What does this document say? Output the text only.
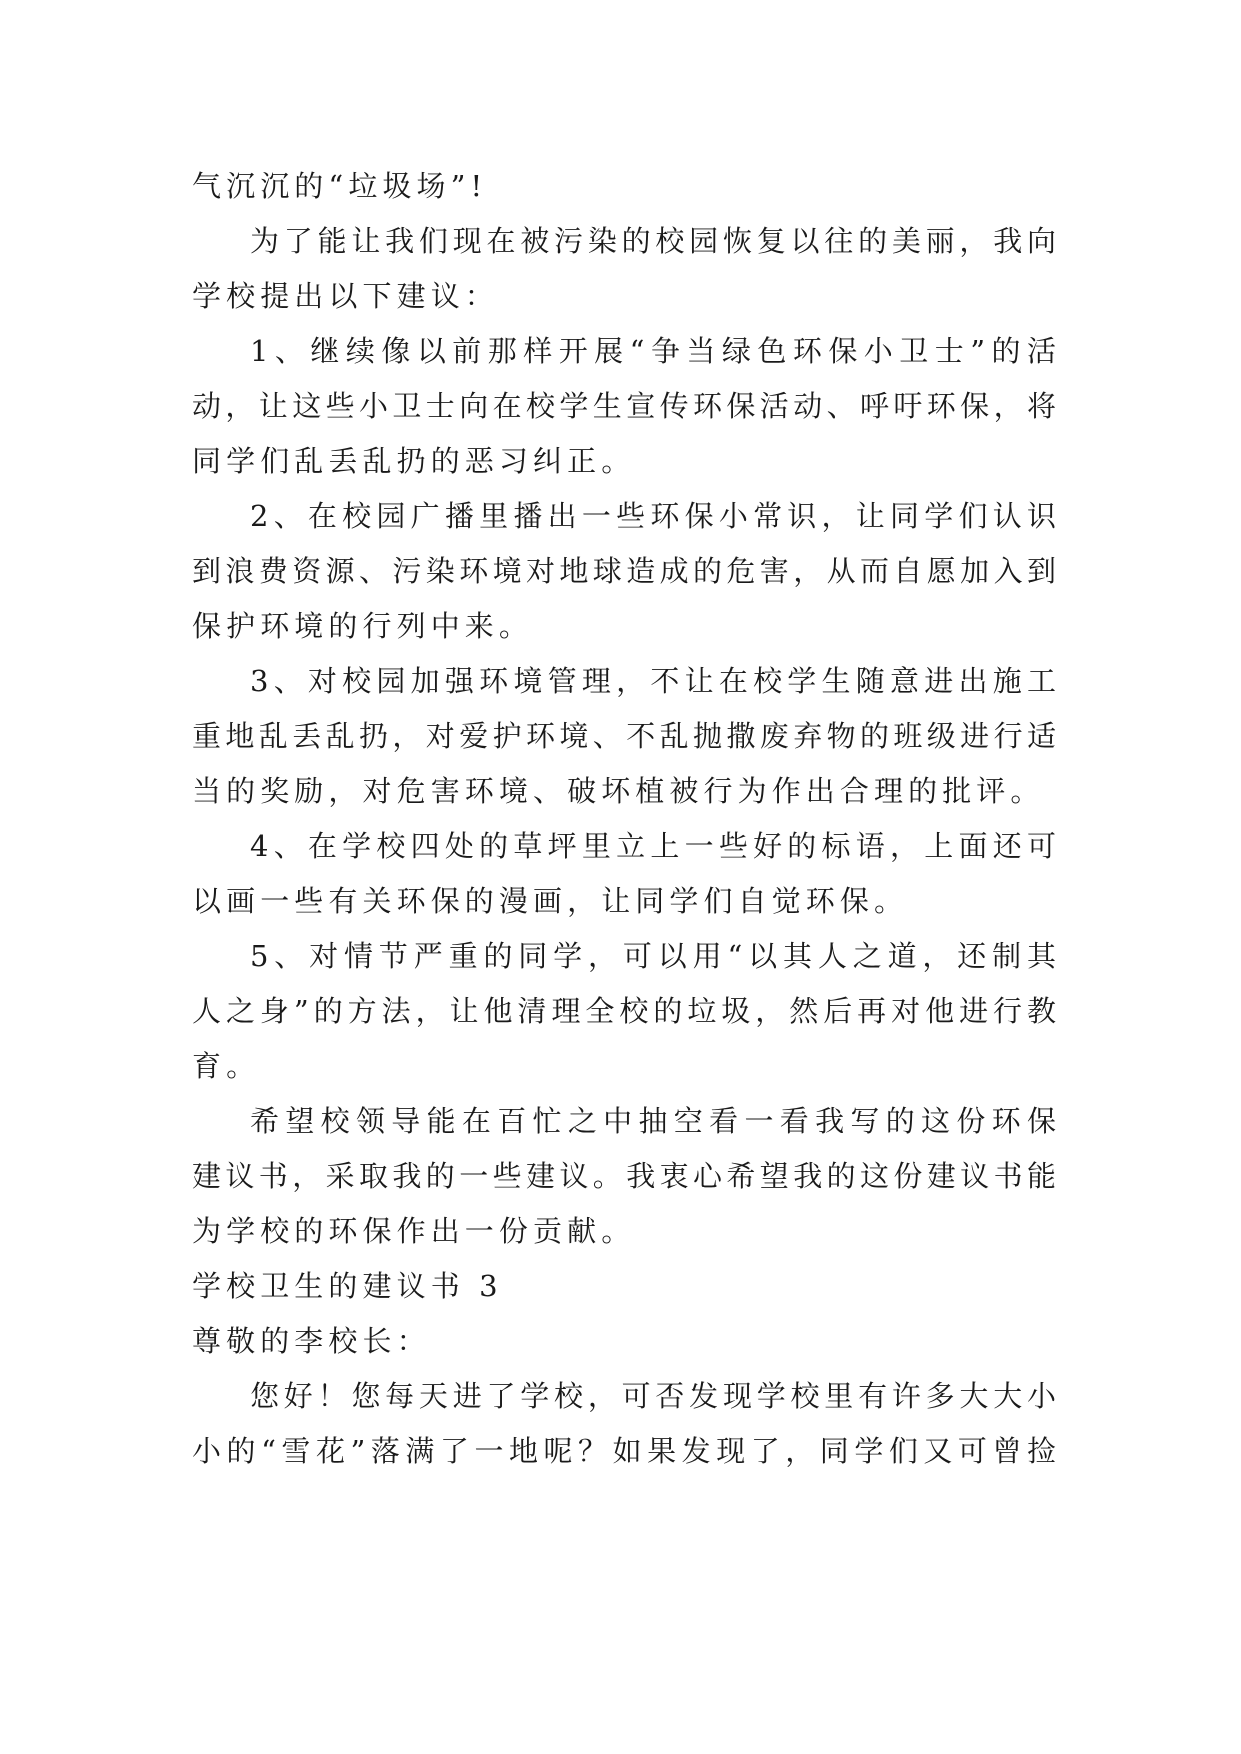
气沉沉的“垃圾场”!
为了能让我们现在被污染的校园恢复以往的美丽，我向
学校提出以下建议：
1、继续像以前那样开展“争当绿色环保小卫士”的活
动，让这些小卫士向在校学生宣传环保活动、呼吁环保，将
同学们乱丢乱扔的恶习纠正。
2、在校园广播里播出一些环保小常识，让同学们认识
到浪费资源、污染环境对地球造成的危害，从而自愿加入到
保护环境的行列中来。
3、对校园加强环境管理，不让在校学生随意进出施工
重地乱丢乱扔，对爱护环境、不乱抛撒废弃物的班级进行适
当的奖励，对危害环境、破坏植被行为作出合理的批评。
4、在学校四处的草坪里立上一些好的标语，上面还可
以画一些有关环保的漫画，让同学们自觉环保。
5、对情节严重的同学，可以用“以其人之道，还制其
人之身”的方法，让他清理全校的垃圾，然后再对他进行教
育。
希望校领导能在百忙之中抽空看一看我写的这份环保
建议书，采取我的一些建议。我衷心希望我的这份建议书能
为学校的环保作出一份贡献。
学校卫生的建议书 3
尊敬的李校长：
您好！您每天进了学校，可否发现学校里有许多大大小
小的“雪花”落满了一地呢？如果发现了，同学们又可曾捡
